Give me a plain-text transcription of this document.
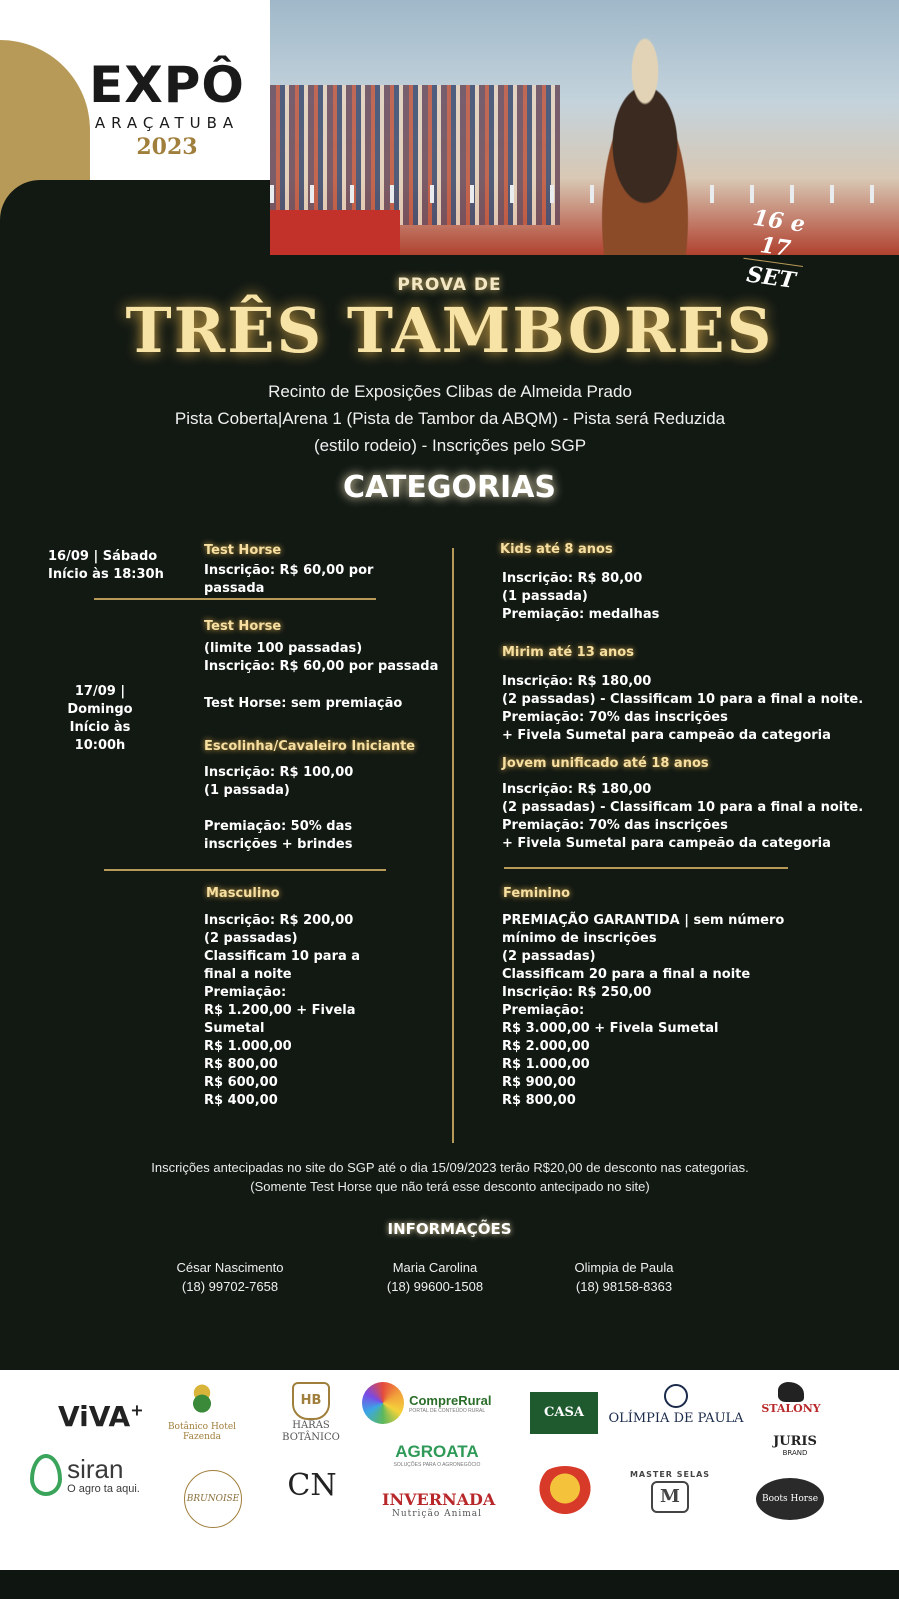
EXPÔ
ARAÇATUBA
2023
16 e 17
SET
PROVA DE
TRÊS TAMBORES
Recinto de Exposições Clibas de Almeida Prado
Pista Coberta|Arena 1 (Pista de Tambor da ABQM) - Pista será Reduzida
(estilo rodeio) - Inscrições pelo SGP
CATEGORIAS
16/09 | Sábado
Início às 18:30h
17/09 | Domingo
Início às 10:00h
Test Horse
Inscrição: R$ 60,00 por
passada
Test Horse
(limite 100 passadas)
Inscrição: R$ 60,00 por passada
Test Horse: sem premiação
Escolinha/Cavaleiro Iniciante
Inscrição: R$ 100,00
(1 passada)
Premiação: 50% das
inscrições + brindes
Masculino
Inscrição: R$ 200,00
(2 passadas)
Classificam 10 para a
final a noite
Premiação:
R$ 1.200,00 + Fivela
Sumetal
R$ 1.000,00
R$ 800,00
R$ 600,00
R$ 400,00
Kids até 8 anos
Inscrição: R$ 80,00
(1 passada)
Premiação: medalhas
Mirim até 13 anos
Inscrição: R$ 180,00
(2 passadas) - Classificam 10 para a final a noite.
Premiação: 70% das inscrições
+ Fivela Sumetal para campeão da categoria
Jovem unificado até 18 anos
Inscrição: R$ 180,00
(2 passadas) - Classificam 10 para a final a noite.
Premiação: 70% das inscrições
+ Fivela Sumetal para campeão da categoria
Feminino
PREMIAÇÃO GARANTIDA | sem número
mínimo de inscrições
(2 passadas)
Classificam 20 para a final a noite
Inscrição: R$ 250,00
Premiação:
R$ 3.000,00 + Fivela Sumetal
R$ 2.000,00
R$ 1.000,00
R$ 900,00
R$ 800,00
Inscrições antecipadas no site do SGP até o dia 15/09/2023 terão R$20,00 de desconto nas categorias.
(Somente Test Horse que não terá esse desconto antecipado no site)
INFORMAÇÕES
César Nascimento
(18) 99702-7658
Maria Carolina
(18) 99600-1508
Olimpia de Paula
(18) 98158-8363
ViVA+
Botânico Hotel Fazenda
HB
HARAS
BOTÂNICO

CompreRural
PORTAL DE CONTEÚDO RURAL	CASA MIA
OLÍMPIA DE PAULA
STALONY

siran
O agro ta aqui.
BRUNOISE CN
AGROATA
SOLUÇÕES PARA O AGRONEGÓCIO
INVERNADA
Nutrição Animal
MASTER SELAS
M
JURIS
BRAND
Boots Horse
